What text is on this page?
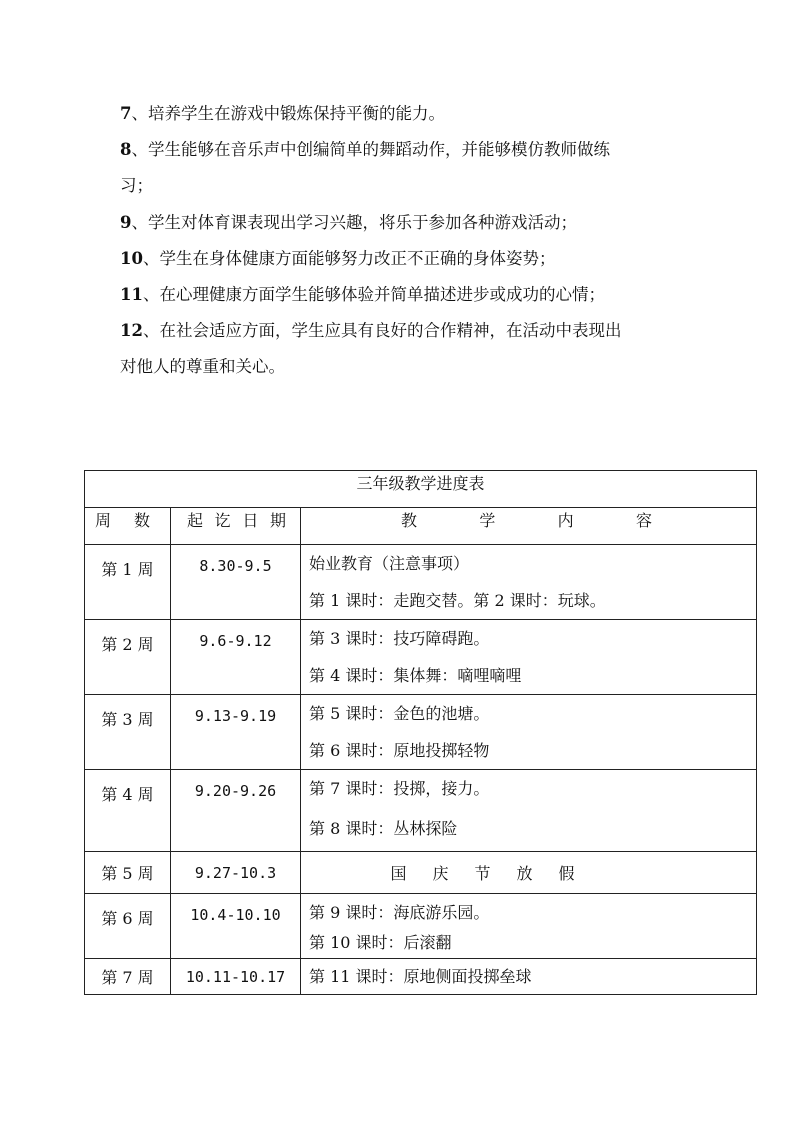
7、培养学生在游戏中锻炼保持平衡的能力。

8、学生能够在音乐声中创编简单的舞蹈动作，并能够模仿教师做练

习；

9、学生对体育课表现出学习兴趣，将乐于参加各种游戏活动；

10、学生在身体健康方面能够努力改正不正确的身体姿势；

11、在心理健康方面学生能够体验并简单描述进步或成功的心情；

12、在社会适应方面，学生应具有良好的合作精神，在活动中表现出

对他人的尊重和关心。

三年级教学进度表		

周 数	起 讫 日 期	教 学 内 容

第 1 周	8.30-9.5	始业教育（注意事项）
第 1 课时：走跑交替。第 2 课时：玩球。

第 2 周	9.6-9.12	第 3 课时：技巧障碍跑。
第 4 课时：集体舞：嘀哩嘀哩

第 3 周	9.13-9.19	第 5 课时：金色的池塘。
第 6 课时：原地投掷轻物

第 4 周	9.20-9.26	第 7 课时：投掷，接力。
第 8 课时：丛林探险

第 5 周	9.27-10.3	国 庆 节 放 假
第 6 周	10.4-10.10	第 9 课时：海底游乐园。
第 10 课时：后滚翻

第 7 周	10.11-10.17	第 11 课时：原地侧面投掷垒球
